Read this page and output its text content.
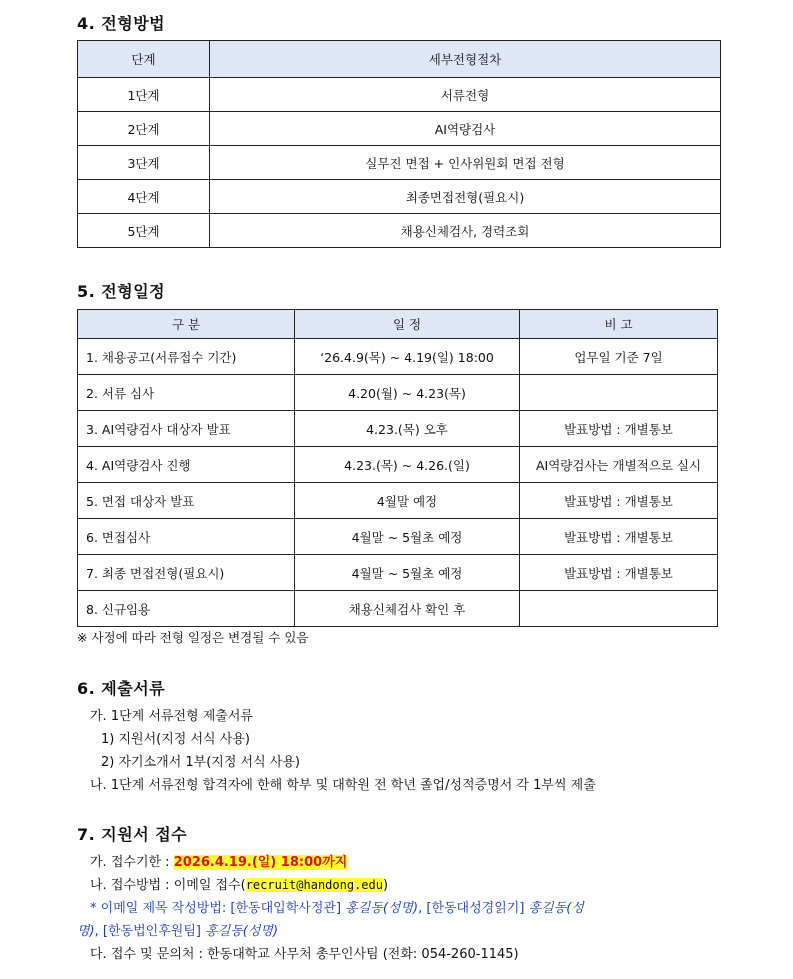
4. 전형방법
단계	세부전형절차
1단계	서류전형
2단계	AI역량검사
3단계	실무진 면접 + 인사위원회 면접 전형
4단계	최종면접전형(필요시)
5단계	채용신체검사, 경력조회
5. 전형일정
구 분	일 정	비 고
1. 채용공고(서류접수 기간)	‘26.4.9(목) ~ 4.19(일) 18:00	업무일 기준 7일
2. 서류 심사	4.20(월) ~ 4.23(목)	
3. AI역량검사 대상자 발표	4.23.(목) 오후	발표방법 : 개별통보
4. AI역량검사 진행	4.23.(목) ~ 4.26.(일)	AI역량검사는 개별적으로 실시
5. 면접 대상자 발표	4월말 예정	발표방법 : 개별통보
6. 면접심사	4월말 ~ 5월초 예정	발표방법 : 개별통보
7. 최종 면접전형(필요시)	4월말 ~ 5월초 예정	발표방법 : 개별통보
8. 신규임용	채용신체검사 확인 후	
※ 사정에 따라 전형 일정은 변경될 수 있음
6. 제출서류
가. 1단계 서류전형 제출서류
1) 지원서(지정 서식 사용)
2) 자기소개서 1부(지정 서식 사용)
나. 1단계 서류전형 합격자에 한해 학부 및 대학원 전 학년 졸업/성적증명서 각 1부씩 제출
7. 지원서 접수
가. 접수기한 : 2026.4.19.(일) 18:00까지
나. 접수방법 : 이메일 접수(recruit@handong.edu)
* 이메일 제목 작성방법: [한동대입학사정관] 홍길동(성명), [한동대성경읽기] 홍길동(성
명), [한동법인후원팀] 홍길동(성명)
다. 접수 및 문의처 : 한동대학교 사무처 총무인사팀 (전화: 054-260-1145)
